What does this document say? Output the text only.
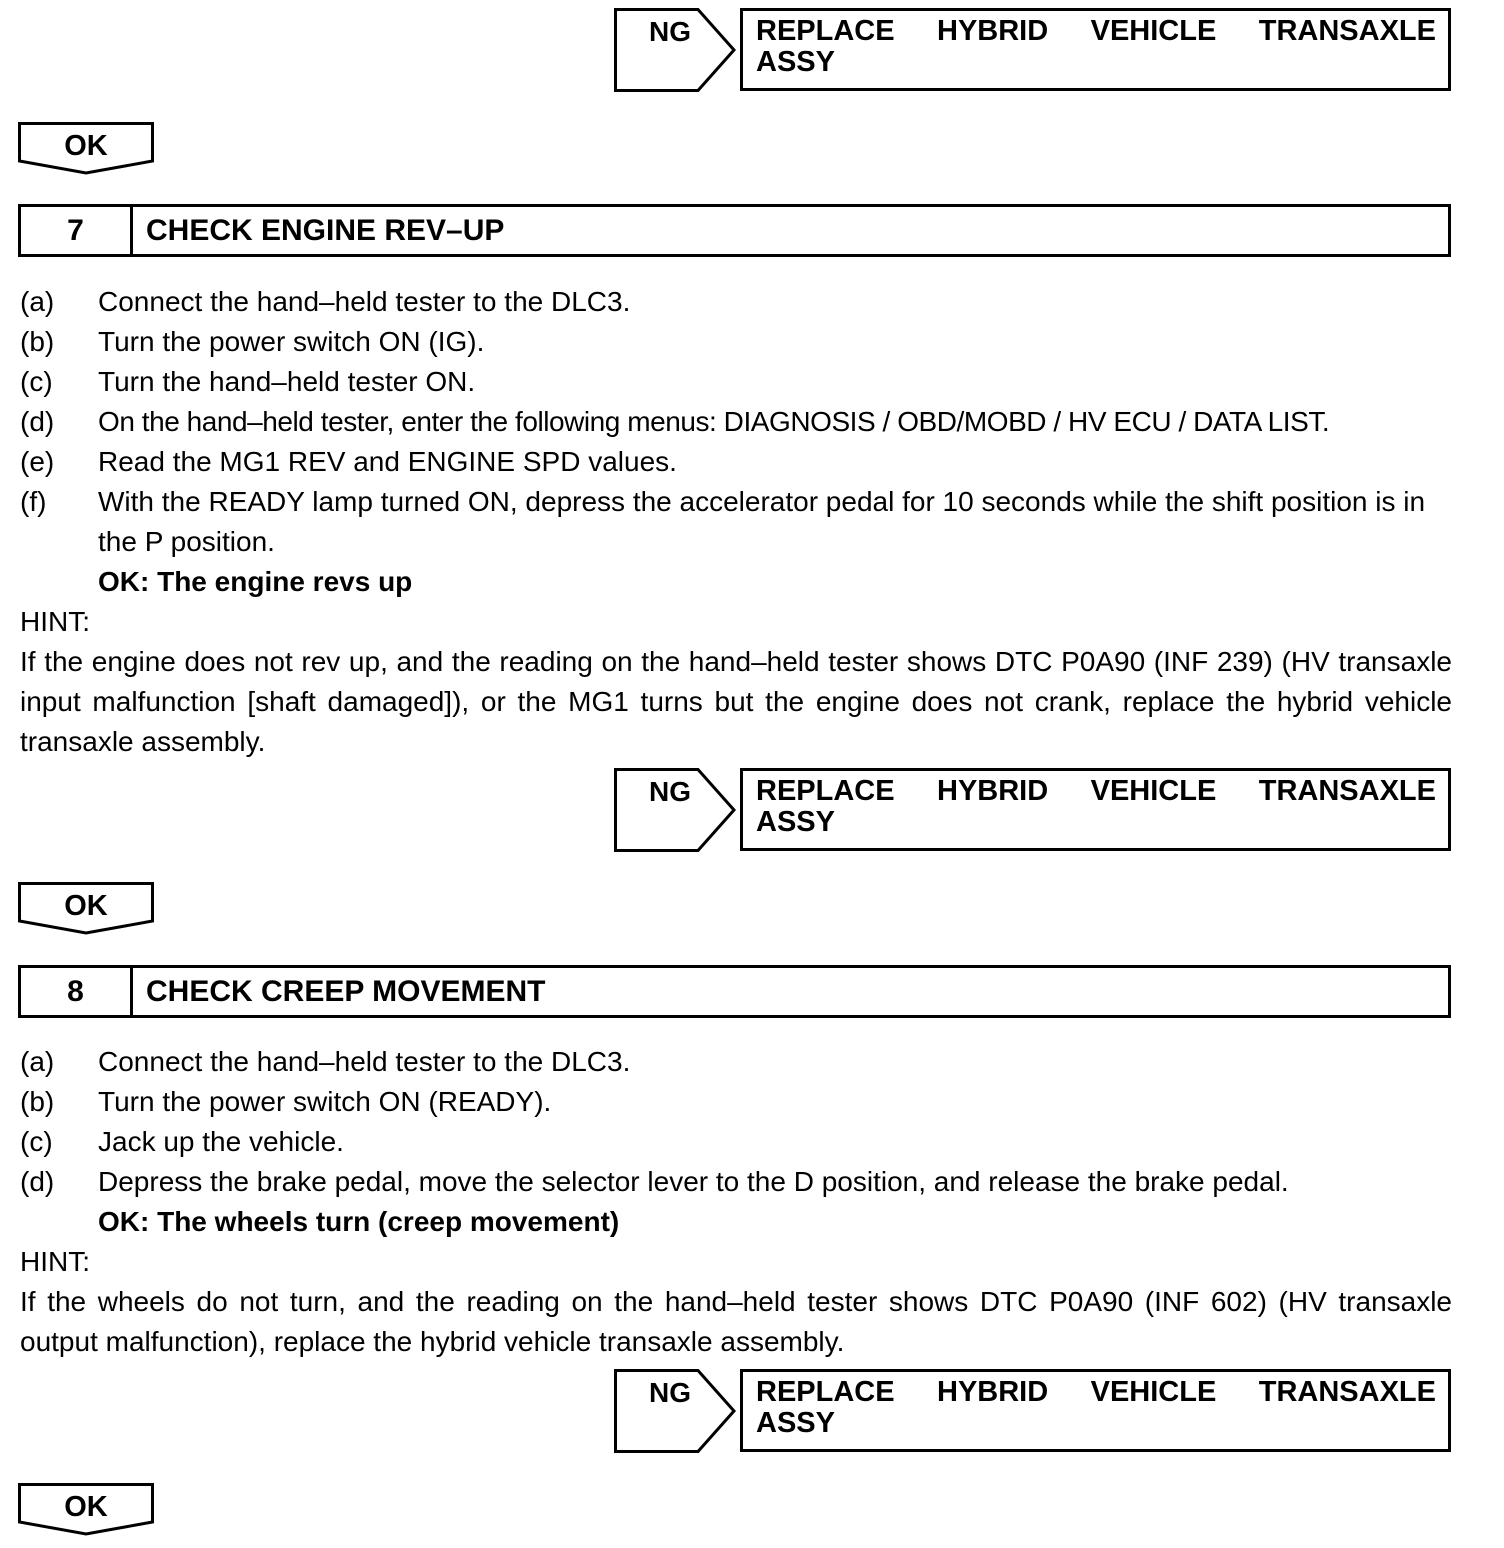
NG	REPLACE HYBRID VEHICLE TRANSAXLE
ASSY
OK
7	CHECK ENGINE REV–UP
(a)	Connect the hand–held tester to the DLC3.
(b)	Turn the power switch ON (IG).
(c)	Turn the hand–held tester ON.
(d)	On the hand–held tester, enter the following menus: DIAGNOSIS / OBD/MOBD / HV ECU / DATA LIST.
(e)	Read the MG1 REV and ENGINE SPD values.
(f)	With the READY lamp turned ON, depress the accelerator pedal for 10 seconds while the shift position is in the P position.
OK: The engine revs up
HINT:
If the engine does not rev up, and the reading on the hand–held tester shows DTC P0A90 (INF 239) (HV transaxle input malfunction [shaft damaged]), or the MG1 turns but the engine does not crank, replace the hybrid vehicle transaxle assembly.
NG	REPLACE HYBRID VEHICLE TRANSAXLE
ASSY
OK
8	CHECK CREEP MOVEMENT
(a)	Connect the hand–held tester to the DLC3.
(b)	Turn the power switch ON (READY).
(c)	Jack up the vehicle.
(d)	Depress the brake pedal, move the selector lever to the D position, and release the brake pedal.
OK: The wheels turn (creep movement)
HINT:
If the wheels do not turn, and the reading on the hand–held tester shows DTC P0A90 (INF 602) (HV transaxle output malfunction), replace the hybrid vehicle transaxle assembly.
NG	REPLACE HYBRID VEHICLE TRANSAXLE
ASSY
OK
